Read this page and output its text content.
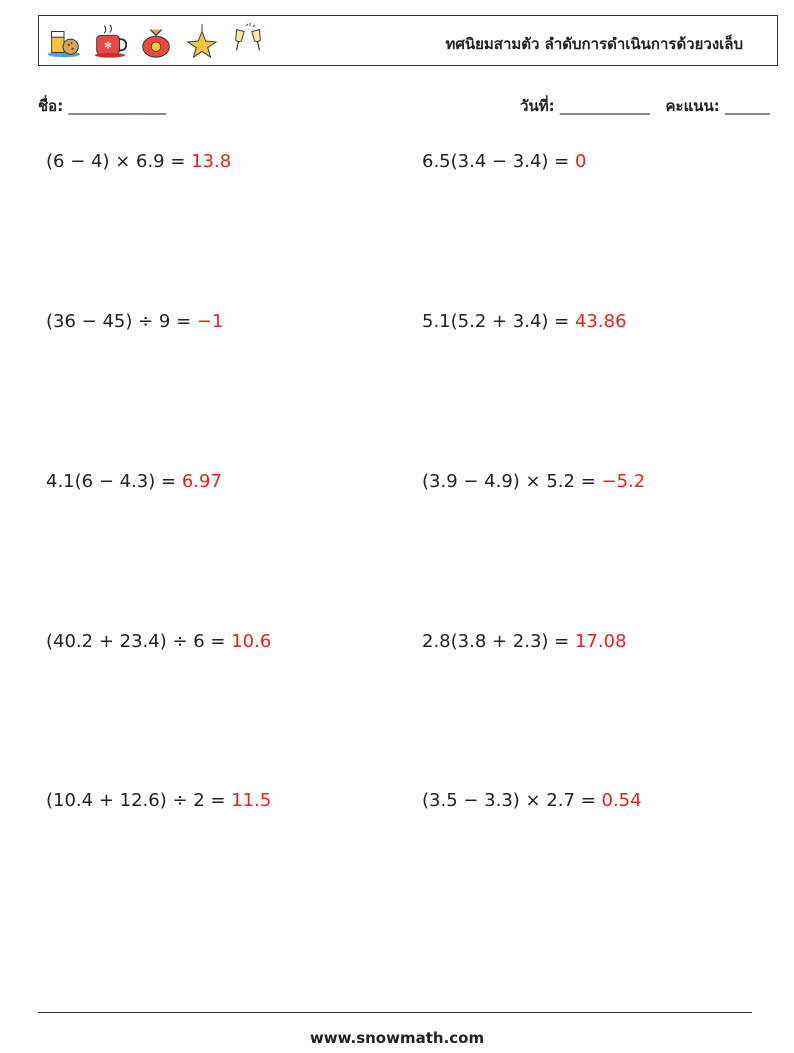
✻	ทศนิยมสามตัว ลำดับการดำเนินการด้วยวงเล็บ
ชื่อ: _____________	วันที่: ____________ คะแนน: ______
(6 − 4) × 6.9 = 13.8	6.5(3.4 − 3.4) = 0
(36 − 45) ÷ 9 = −1	5.1(5.2 + 3.4) = 43.86
4.1(6 − 4.3) = 6.97	(3.9 − 4.9) × 5.2 = −5.2
(40.2 + 23.4) ÷ 6 = 10.6	2.8(3.8 + 2.3) = 17.08
(10.4 + 12.6) ÷ 2 = 11.5	(3.5 − 3.3) × 2.7 = 0.54
www.snowmath.com
